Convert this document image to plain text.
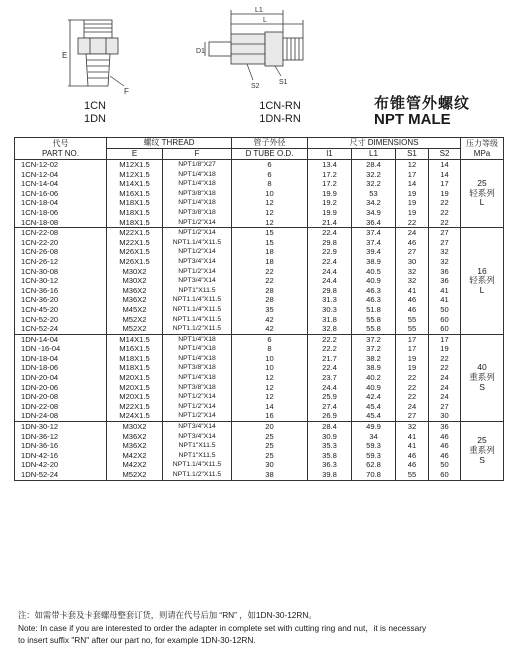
E
F
1CN
1DN
L1
L
D1
S2
S1
1CN-RN
1DN-RN
布锥管外螺纹
NPT MALE
代号
PART NO.	螺纹 THREAD		管子外径	尺寸 DIMENSIONS				压力等级
MPa
	E	F	D TUBE O.D.	l1	L1	S1	S2	
1CN-12-02	M12X1.5	NPT1/8"X27	6	13.4	28.4	12	14	25
轻系列
L

1CN-12-04	M12X1.5	NPT1/4"X18	6	17.2	32.2	17	14	
1CN-14-04	M14X1.5	NPT1/4"X18	8	17.2	32.2	14	17	
1CN-16-06	M16X1.5	NPT3/8"X18	10	19.9	53	19	19	
1CN-18-04	M18X1.5	NPT1/4"X18	12	19.2	34.2	19	22	
1CN-18-06	M18X1.5	NPT3/8"X18	12	19.9	34.9	19	22	
1CN-18-08	M18X1.5	NPT1/2"X14	12	21.4	36.4	22	22	
1CN-22-08	M22X1.5	NPT1/2"X14	15	22.4	37.4	24	27	16
轻系列
L

1CN-22-20	M22X1.5	NPT1.1/4"X11.5	15	29.8	37.4	46	27	
1CN-26-08	M26X1.5	NPT1/2"X14	18	22.9	39.4	27	32	
1CN-26-12	M26X1.5	NPT3/4"X14	18	22.4	38.9	30	32	
1CN-30-08	M30X2	NPT1/2"X14	22	24.4	40.5	32	36	
1CN-30-12	M30X2	NPT3/4"X14	22	24.4	40.9	32	36	
1CN-36-16	M36X2	NPT1"X11.5	28	29.8	46.3	41	41	
1CN-36-20	M36X2	NPT1.1/4"X11.5	28	31.3	46.3	46	41	
1CN-45-20	M45X2	NPT1.1/4"X11.5	35	30.3	51.8	46	50	
1CN-52-20	M52X2	NPT1.1/4"X11.5	42	31.8	55.8	55	60	
1CN-52-24	M52X2	NPT1.1/2"X11.5	42	32.8	55.8	55	60	
1DN-14-04	M14X1.5	NPT1/4"X18	6	22.2	37.2	17	17	40
重系列
S

1DN -16-04	M16X1.5	NPT1/4"X18	8	22.2	37.2	17	19	
1DN-18-04	M18X1.5	NPT1/4"X18	10	21.7	38.2	19	22	
1DN-18-06	M18X1.5	NPT3/8"X18	10	22.4	38.9	19	22	
1DN-20-04	M20X1.5	NPT1/4"X18	12	23.7	40.2	22	24	
1DN-20-06	M20X1.5	NPT3/8"X18	12	24.4	40.9	22	24	
1DN-20-08	M20X1.5	NPT1/2"X14	12	25.9	42.4	22	24	
1DN-22-08	M22X1.5	NPT1/2"X14	14	27.4	45.4	24	27	
1DN-24-08	M24X1.5	NPT1/2"X14	16	26.9	45.4	27	30	
1DN-30-12	M30X2	NPT3/4"X14	20	28.4	49.9	32	36	25
重系列
S

1DN-36-12	M36X2	NPT3/4"X14	25	30.9	34	41	46	
1DN-36-16	M36X2	NPT1"X11.5	25	35.3	59.3	41	46	
1DN-42-16	M42X2	NPT1"X11.5	25	35.8	59.3	46	46	
1DN-42-20	M42X2	NPT1.1/4"X11.5	30	36.3	62.8	46	50	
1DN-52-24	M52X2	NPT1.1/2"X11.5	38	39.8	70.8	55	60	
注：如需带卡套及卡套螺母整套订货，则请在代号后加 “RN” ，如1DN-30-12RN。
Note: In case if you are interested to order the adapter in complete set with cutting ring and nut，it is necessary
to insert suffix "RN" after our part no, for example 1DN-30-12RN.
